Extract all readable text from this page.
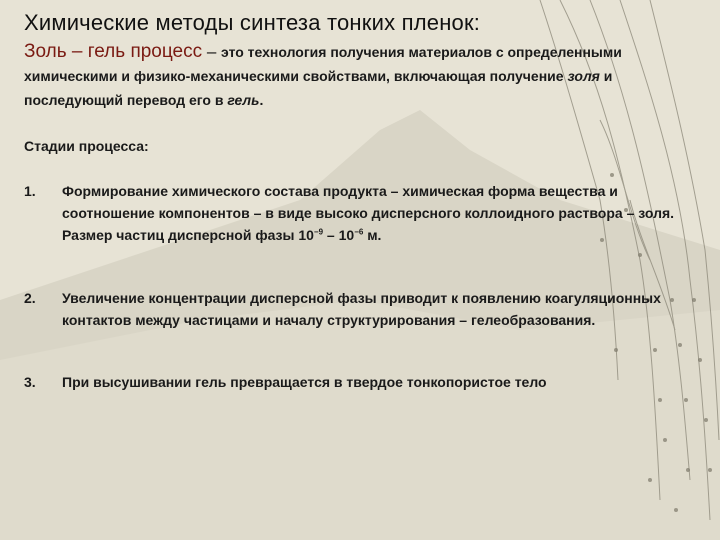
Химические методы синтеза тонких пленок:
Золь – гель процесс – это технология получения материалов с определенными химическими и физико-механическими свойствами, включающая получение золя и последующий перевод его в гель.
Стадии процесса:
1.	Формирование химического состава продукта – химическая форма вещества и соотношение компонентов – в виде высоко дисперсного коллоидного раствора – золя. Размер частиц дисперсной фазы $10^{-9} - 10^{-6}$ м.
2.	Увеличение концентрации дисперсной фазы приводит к появлению коагуляционных контактов между частицами и началу структурирования – гелеобразования.
3.	При высушивании гель превращается в твердое тонкопористое тело
